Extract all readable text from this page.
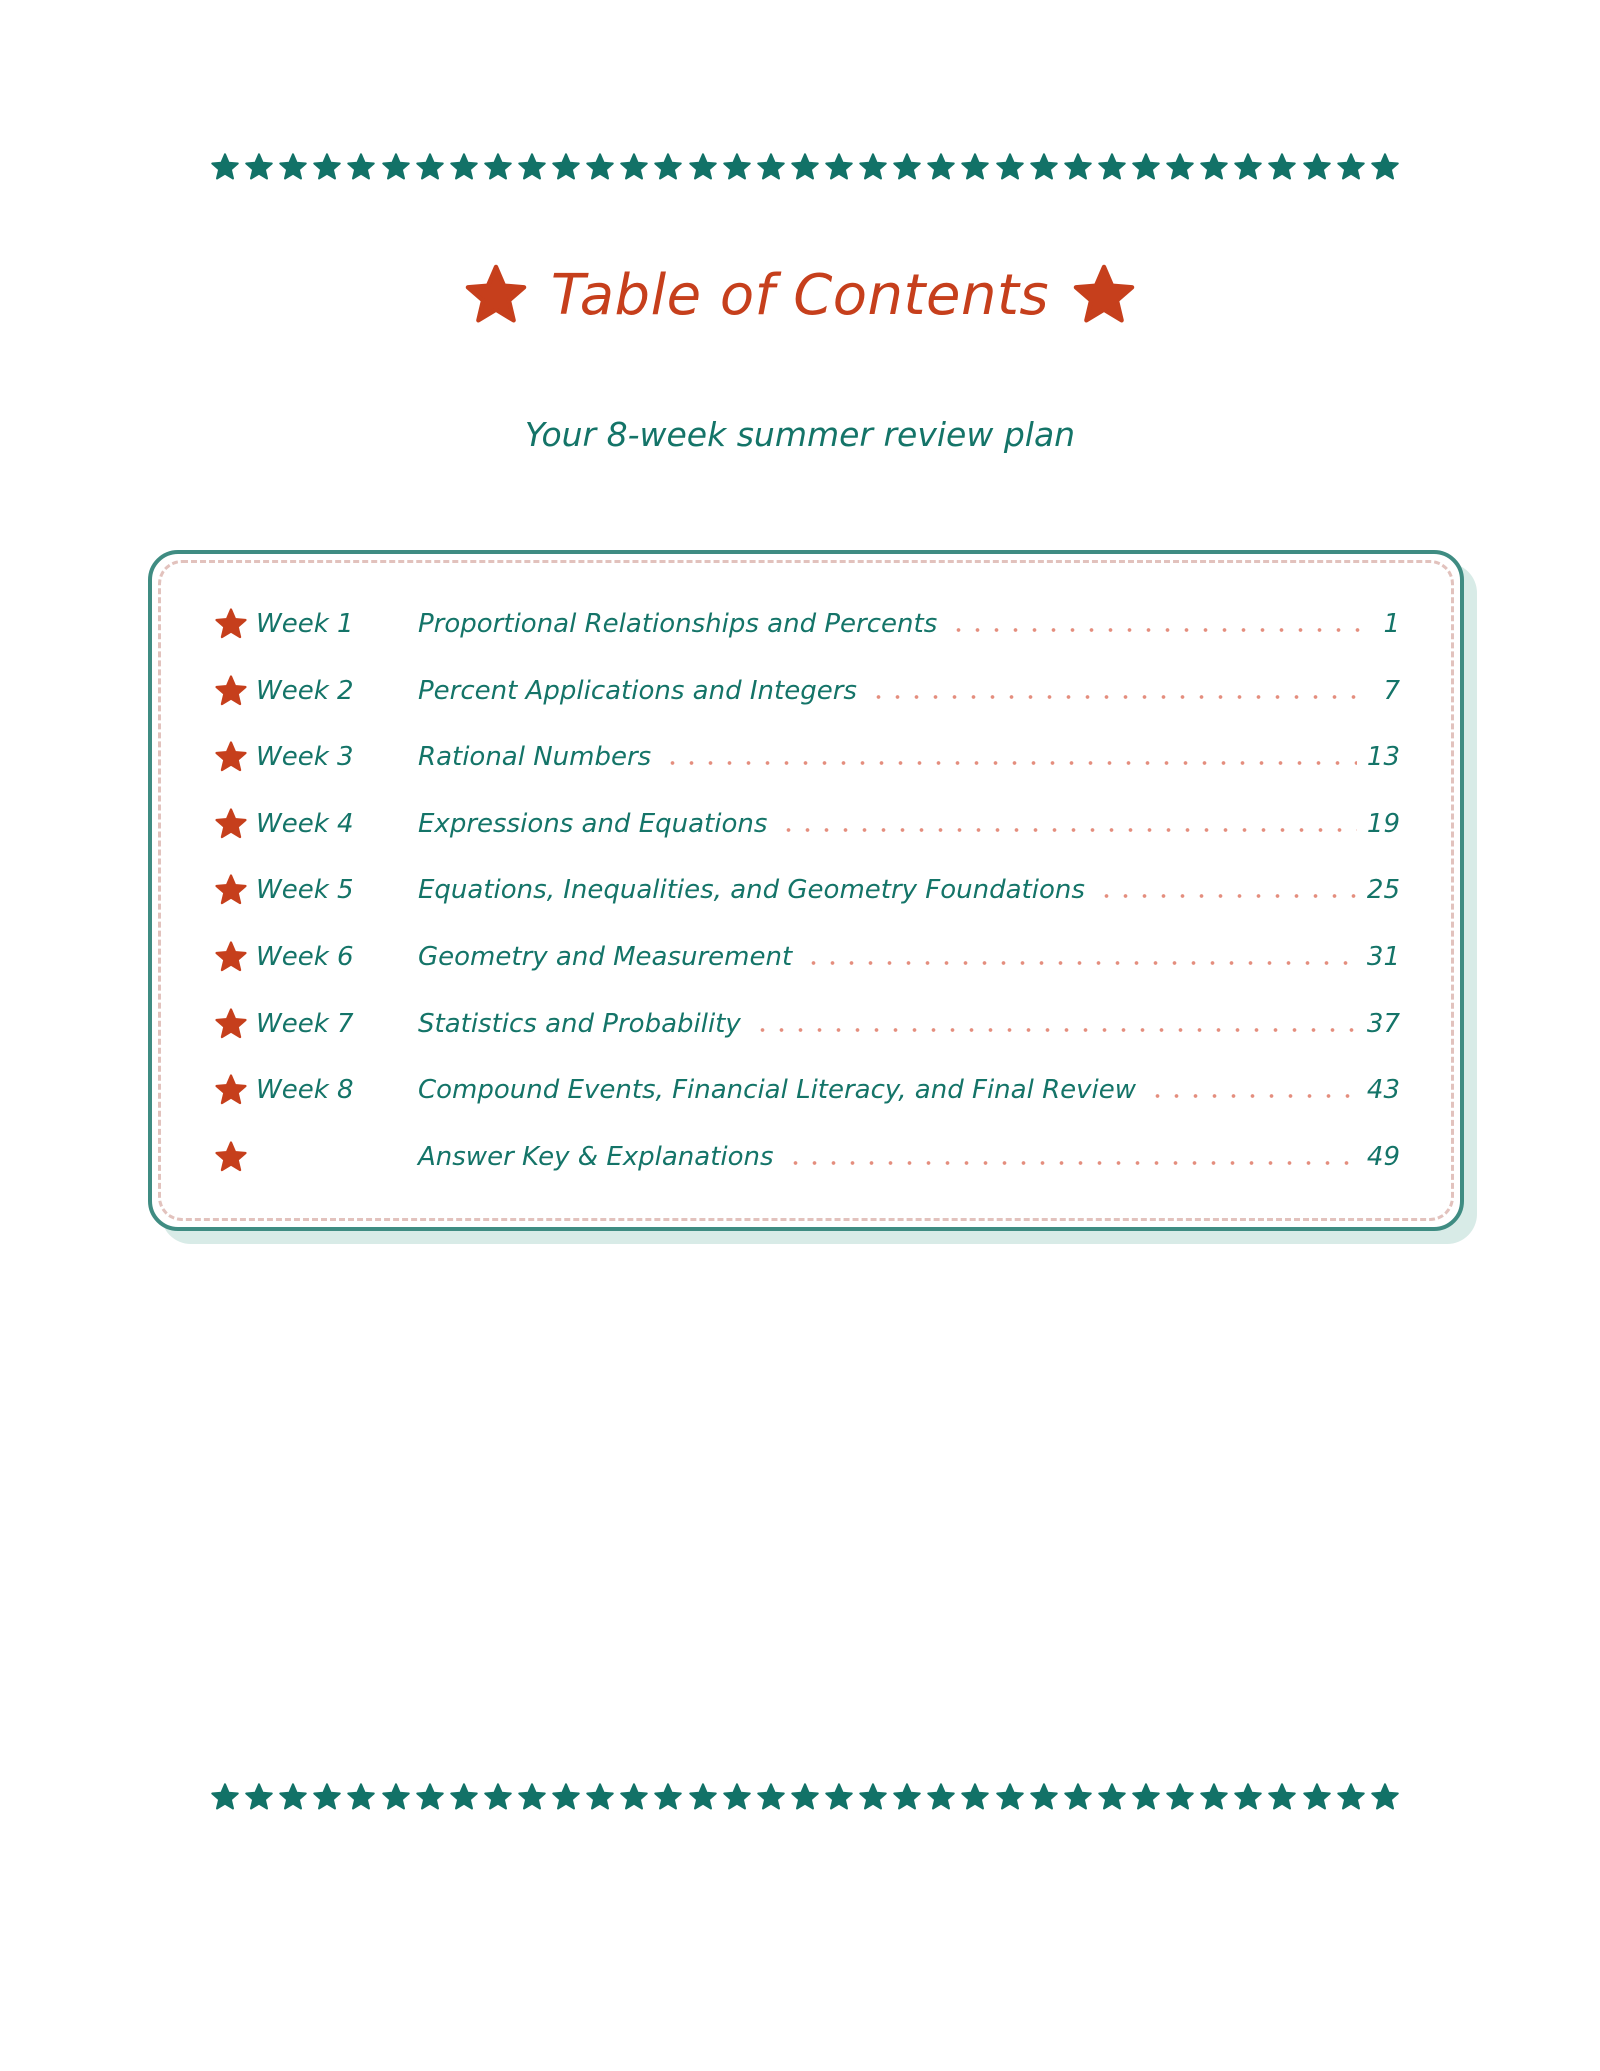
Table of Contents
Your 8-week summer review plan
Week 1	Proportional Relationships and Percents	1
Week 2	Percent Applications and Integers	7
Week 3	Rational Numbers	13
Week 4	Expressions and Equations	19
Week 5	Equations, Inequalities, and Geometry Foundations	25
Week 6	Geometry and Measurement	31
Week 7	Statistics and Probability	37
Week 8	Compound Events, Financial Literacy, and Final Review	43
Answer Key & Explanations	49
